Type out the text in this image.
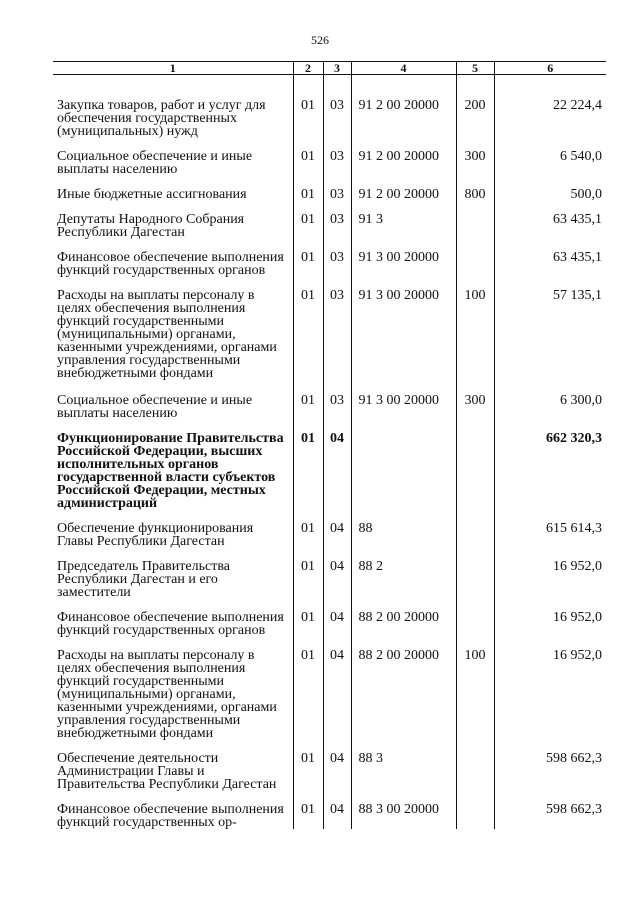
526
1	2	3	4	5	6

Закупка товаров, работ и услуг для обеспечения государственных (муниципальных) нужд	01	03	91 2 00 20000	200	22 224,4

Социальное обеспечение и иные выплаты населению	01	03	91 2 00 20000	300	6 540,0

Иные бюджетные ассигнования	01	03	91 2 00 20000	800	500,0

Депутаты Народного Собрания Республики Дагестан	01	03	91 3		63 435,1

Финансовое обеспечение выполнения функций государственных органов	01	03	91 3 00 20000		63 435,1

Расходы на выплаты персоналу в целях обеспечения выполнения функций государственными (муниципальными) органами, казенными учреждениями, органами управления государственными внебюджетными фондами	01	03	91 3 00 20000	100	57 135,1

Социальное обеспечение и иные выплаты населению	01	03	91 3 00 20000	300	6 300,0

Функционирование Правительства Российской Федерации, высших исполнительных органов государственной власти субъектов Российской Федерации, местных администраций	01	04			662 320,3

Обеспечение функционирования Главы Республики Дагестан	01	04	88		615 614,3

Председатель Правительства Республики Дагестан и его заместители	01	04	88 2		16 952,0

Финансовое обеспечение выполнения функций государственных органов	01	04	88 2 00 20000		16 952,0

Расходы на выплаты персоналу в целях обеспечения выполнения функций государственными (муниципальными) органами, казенными учреждениями, органами управления государственными внебюджетными фондами	01	04	88 2 00 20000	100	16 952,0

Обеспечение деятельности Администрации Главы и Правительства Республики Дагестан	01	04	88 3		598 662,3

Финансовое обеспечение выполнения функций государственных ор-	01	04	88 3 00 20000		598 662,3
